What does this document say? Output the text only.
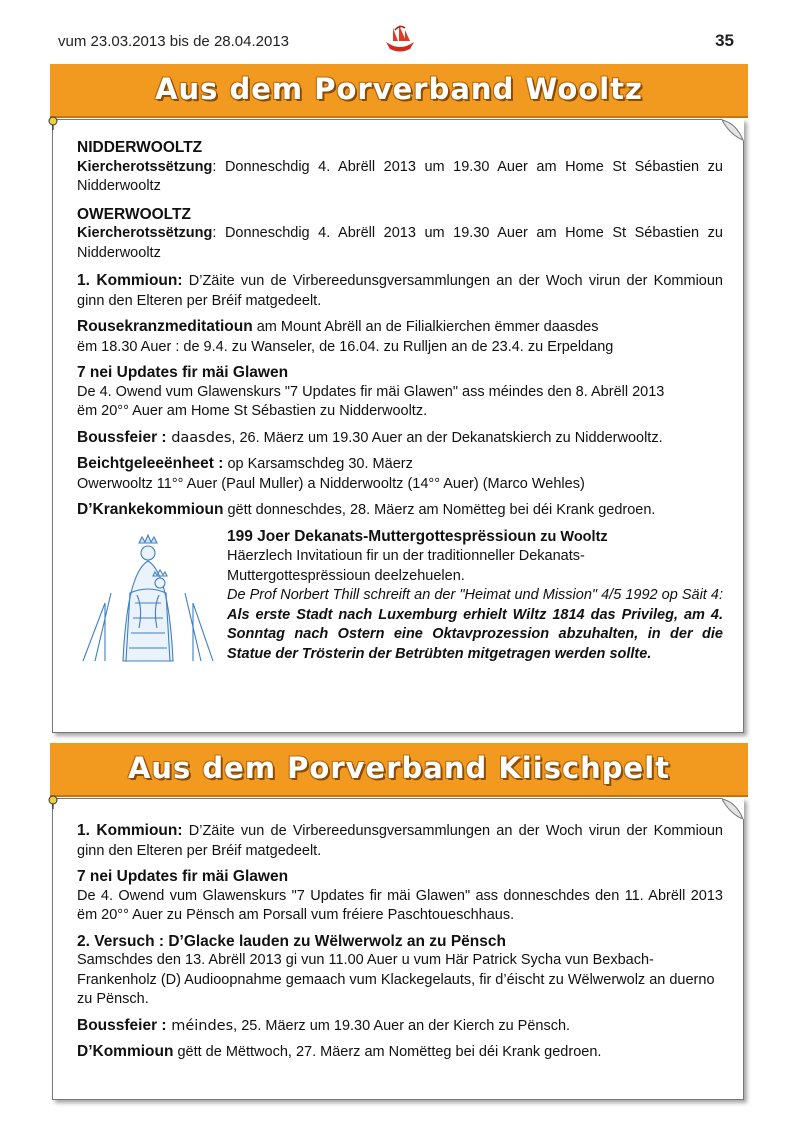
vum 23.03.2013 bis de 28.04.2013	35
Aus dem Porverband Wooltz
NIDDERWOOLTZ
Kiercherotssëtzung: Donneschdig 4. Abrëll 2013 um 19.30 Auer am Home St Sébastien zu Nidderwooltz
OWERWOOLTZ
Kiercherotssëtzung: Donneschdig 4. Abrëll 2013 um 19.30 Auer am Home St Sébastien zu Nidderwooltz
1. Kommioun: D’Zäite vun de Virbereedunsgversammlungen an der Woch virun der Kommioun ginn den Elteren per Bréif matgedeelt.
Rousekranzmeditatioun am Mount Abrëll an de Filialkierchen ëmmer daasdes
ëm 18.30 Auer : de 9.4. zu Wanseler, de 16.04. zu Rulljen an de 23.4. zu Erpeldang
7 nei Updates fir mäi Glawen
De 4. Owend vum Glawenskurs "7 Updates fir mäi Glawen" ass méindes den 8. Abrëll 2013
ëm 20°° Auer am Home St Sébastien zu Nidderwooltz.
Boussfeier : daasdes, 26. Mäerz um 19.30 Auer an der Dekanatskierch zu Nidderwooltz.
Beichtgeleeënheet : op Karsamschdeg 30. Mäerz
Owerwooltz 11°° Auer (Paul Muller) a Nidderwooltz (14°° Auer) (Marco Wehles)
D’Krankekommioun gëtt donneschdes, 28. Mäerz am Nomëtteg bei déi Krank gedroen.
199 Joer Dekanats-Muttergottesprëssioun zu Wooltz
Häerzlech Invitatioun fir un der traditionneller Dekanats-
Muttergottesprëssioun deelzehuelen.
De Prof Norbert Thill schreift an der "Heimat und Mission" 4/5 1992 op Säit 4: Als erste Stadt nach Luxemburg erhielt Wiltz 1814 das Privileg, am 4. Sonntag nach Ostern eine Oktavprozession abzuhalten, in der die Statue der Trösterin der Betrübten mitgetragen werden sollte.
Aus dem Porverband Kiischpelt
1. Kommioun: D’Zäite vun de Virbereedunsgversammlungen an der Woch virun der Kommioun ginn den Elteren per Bréif matgedeelt.
7 nei Updates fir mäi Glawen
De 4. Owend vum Glawenskurs "7 Updates fir mäi Glawen" ass donneschdes den 11. Abrëll 2013 ëm 20°° Auer zu Pënsch am Porsall vum fréiere Paschtoueschhaus.
2. Versuch : D’Glacke lauden zu Wëlwerwolz an zu Pënsch
Samschdes den 13. Abrëll 2013 gi vun 11.00 Auer u vum Här Patrick Sycha vun Bexbach-Frankenholz (D) Audioopnahme gemaach vum Klackegelauts, fir d’éischt zu Wëlwerwolz an duerno zu Pënsch.
Boussfeier : méindes, 25. Mäerz um 19.30 Auer an der Kierch zu Pënsch.
D’Kommioun gëtt de Mëttwoch, 27. Mäerz am Nomëtteg bei déi Krank gedroen.
